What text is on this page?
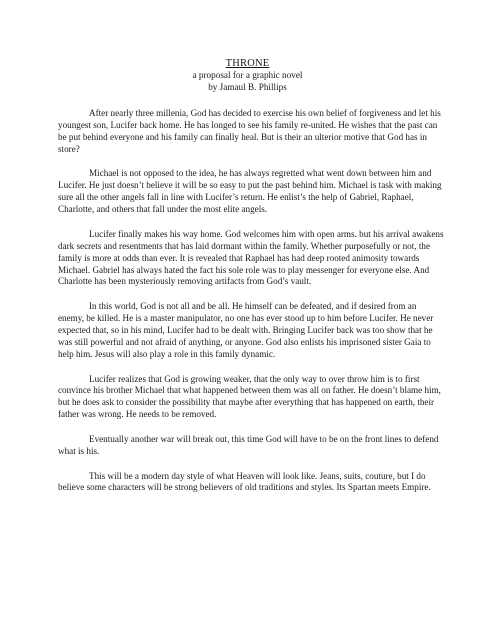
THRONE

a proposal for a graphic novel

by Jamaul B. Phillips

After nearly three millenia, God has decided to exercise his own belief of forgiveness and let his youngest son, Lucifer back home. He has longed to see his family re-united. He wishes that the past can be put behind everyone and his family can finally heal. But is their an ulterior motive that God has in store?

Michael is not opposed to the idea, he has always regretted what went down between him and Lucifer. He just doesn’t believe it will be so easy to put the past behind him. Michael is task with making sure all the other angels fall in line with Lucifer’s return. He enlist’s the help of Gabriel, Raphael, Charlotte, and others that fall under the most elite angels.

Lucifer finally makes his way home. God welcomes him with open arms. but his arrival awakens dark secrets and resentments that has laid dormant within the family. Whether purposefully or not, the family is more at odds than ever. It is revealed that Raphael has had deep rooted animosity towards Michael. Gabriel has always hated the fact his sole role was to play messenger for everyone else. And Charlotte has been mysteriously removing artifacts from God’s vault.

In this world, God is not all and be all. He himself can be defeated, and if desired from an enemy, be killed. He is a master manipulator, no one has ever stood up to him before Lucifer. He never expected that, so in his mind, Lucifer had to be dealt with. Bringing Lucifer back was too show that he was still powerful and not afraid of anything, or anyone. God also enlists his imprisoned sister Gaia to help him. Jesus will also play a role in this family dynamic.

Lucifer realizes that God is growing weaker, that the only way to over throw him is to first convince his brother Michael that what happened between them was all on father. He doesn’t blame him, but he does ask to consider the possibility that maybe after everything that has happened on earth, their father was wrong. He needs to be removed.

Eventually another war will break out, this time God will have to be on the front lines to defend what is his.

This will be a modern day style of what Heaven will look like. Jeans, suits, couture, but I do believe some characters will be strong believers of old traditions and styles. Its Spartan meets Empire.
